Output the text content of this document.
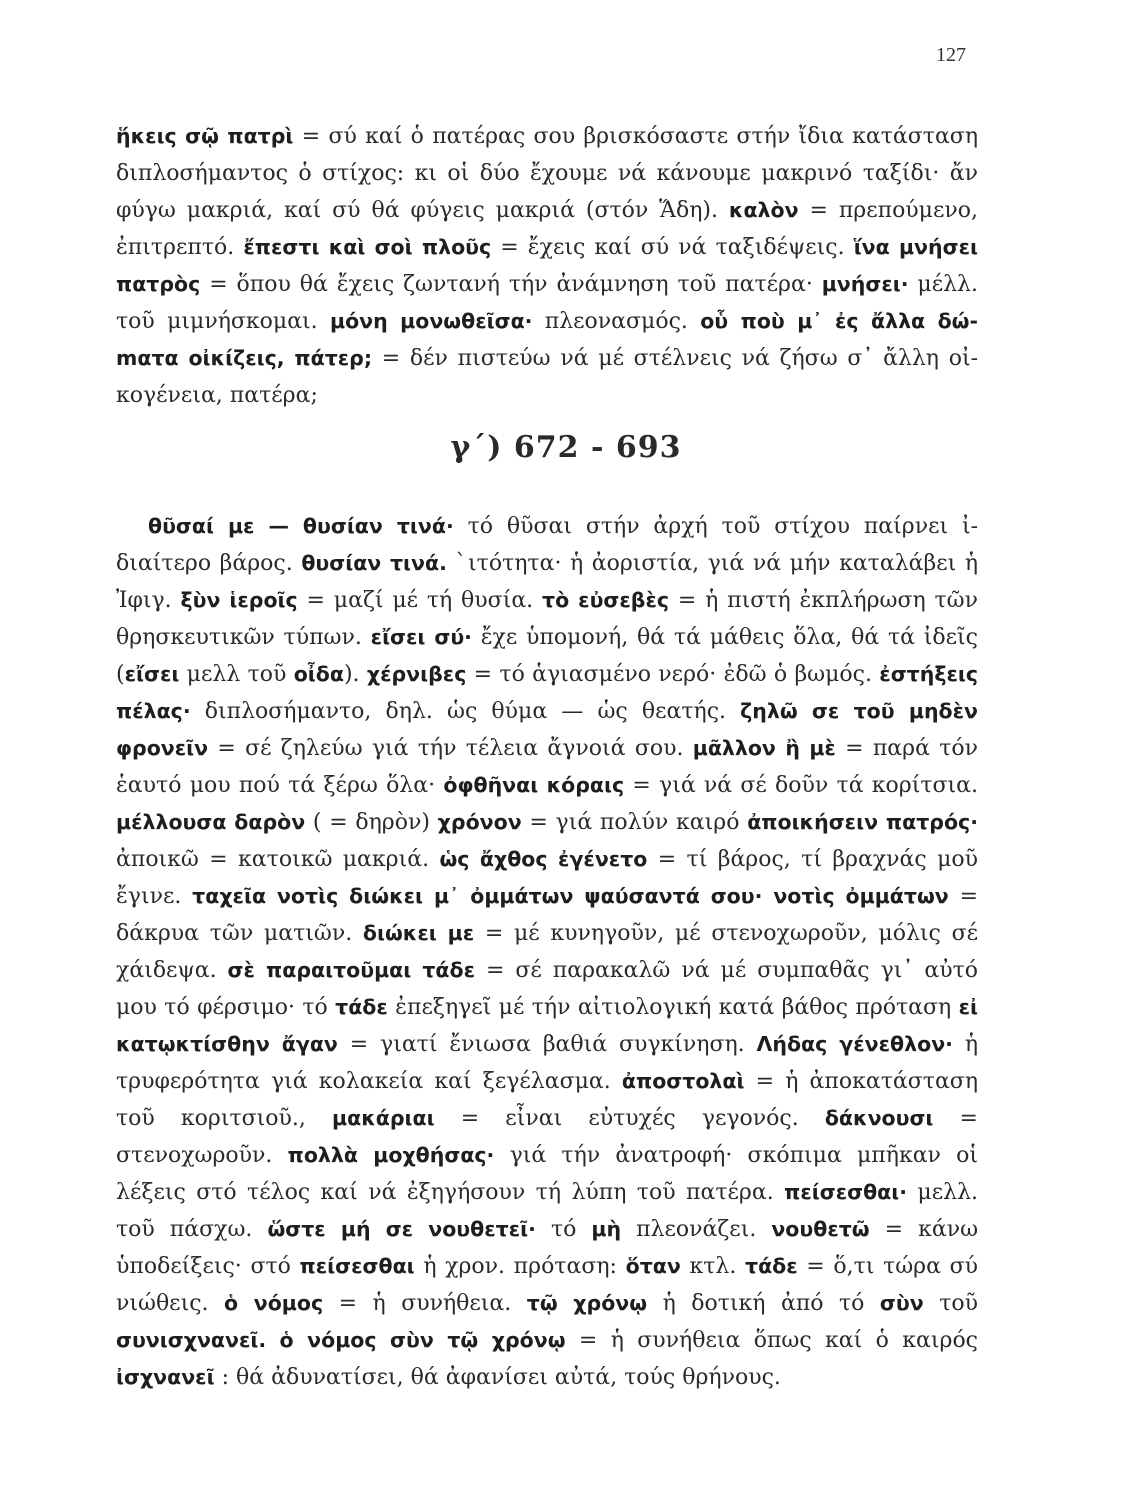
127
ἥκεις σῷ πατρὶ = σύ καί ὁ πατέρας σου βρισκόσαστε στήν ἴδια κατάσταση διπλοσήμαντος ὁ στίχος: κι οἱ δύο ἔχουμε νά κάνουμε μακρινό ταξίδι· ἄν φύγω μακριά, καί σύ θά φύγεις μακριά (στόν Ἅδη). καλὸν = πρεπούμενο, ἐπιτρεπτό. ἔπεστι καὶ σοὶ πλοῦς = ἔχεις καί σύ νά ταξιδέψεις. ἵνα μνήσει πατρὸς = ὅπου θά ἔχεις ζωντανή τήν ἀνάμνηση τοῦ πατέρα· μνήσει· μέλλ. τοῦ μιμνήσκομαι. μόνη μονωθεῖσα· πλεονασμός. οὗ ποὺ μ᾽ ἐς ἄλλα δώmατα οἰκίζεις, πάτερ; = δέν πιστεύω νά μέ στέλνεις νά ζήσω σ᾽ ἄλλη οἰκογένεια, πατέρα;
γ΄) 672 - 693
θῦσαί με — θυσίαν τινά· τό θῦσαι στήν ἀρχή τοῦ στίχου παίρνει ἰδιαίτερο βάρος. θυσίαν τινά. ˋιτότητα· ἡ ἀοριστία, γιά νά μήν καταλάβει ἡ Ἰφιγ. ξὺν ἱεροῖς = μαζί μέ τή θυσία. τὸ εὐσεβὲς = ἡ πιστή ἐκπλήρωση τῶν θρησκευτικῶν τύπων. εἴσει σύ· ἔχε ὑπομονή, θά τά μάθεις ὅλα, θά τά ἰδεῖς (εἴσει μελλ τοῦ οἶδα). χέρνιβες = τό ἁγιασμένο νερό· ἐδῶ ὁ βωμός. ἐστήξεις πέλας· διπλοσήμαντο, δηλ. ὡς θύμα — ὡς θεατής. ζηλῶ σε τοῦ μηδὲν φρονεῖν = σέ ζηλεύω γιά τήν τέλεια ἄγνοιά σου. μᾶλλον ἢ μὲ = παρά τόν ἑαυτό μου πού τά ξέρω ὅλα· ὀφθῆναι κόραις = γιά νά σέ δοῦν τά κορίτσια. μέλλουσα δαρὸν ( = δηρὸν) χρόνον = γιά πολύν καιρό ἀποικήσειν πατρός· ἀποικῶ = κατοικῶ μακριά. ὡς ἄχθος ἐγένετο = τί βάρος, τί βραχνάς μοῦ ἔγινε. ταχεῖα νοτὶς διώκει μ᾽ ὀμμάτων ψαύσαντά σου· νοτὶς ὀμμάτων = δάκρυα τῶν ματιῶν. διώκει με = μέ κυνηγοῦν, μέ στενοχωροῦν, μόλις σέ χάιδεψα. σὲ παραιτοῦμαι τάδε = σέ παρακαλῶ νά μέ συμπαθᾶς γι᾽ αὐτό μου τό φέρσιμο· τό τάδε ἐπεξηγεῖ μέ τήν αἰτιολογική κατά βάθος πρόταση εἰ κατῳκτίσθην ἄγαν = γιατί ἔνιωσα βαθιά συγκίνηση. Λήδας γένεθλον· ἡ τρυφερότητα γιά κολακεία καί ξεγέλασμα. ἀποστολαὶ = ἡ ἀποκατάσταση τοῦ κοριτσιοῦ., μακάριαι = εἶναι εὐτυχές γεγονός. δάκνουσι = στενοχωροῦν. πολλὰ μοχθήσας· γιά τήν ἀνατροφή· σκόπιμα μπῆκαν οἱ λέξεις στό τέλος καί νά ἐξηγήσουν τή λύπη τοῦ πατέρα. πείσεσθαι· μελλ. τοῦ πάσχω. ὥστε μή σε νουθετεῖ· τό μὴ πλεονάζει. νουθετῶ = κάνω ὑποδείξεις· στό πείσεσθαι ἡ χρον. πρόταση: ὅταν κτλ. τάδε = ὅ,τι τώρα σύ νιώθεις. ὁ νόμος = ἡ συνήθεια. τῷ χρόνῳ ἡ δοτική ἀπό τό σὺν τοῦ συνισχνανεῖ. ὁ νόμος σὺν τῷ χρόνῳ = ἡ συνήθεια ὅπως καί ὁ καιρός ἰσχνανεῖ : θά ἀδυνατίσει, θά ἀφανίσει αὐτά, τούς θρήνους.
